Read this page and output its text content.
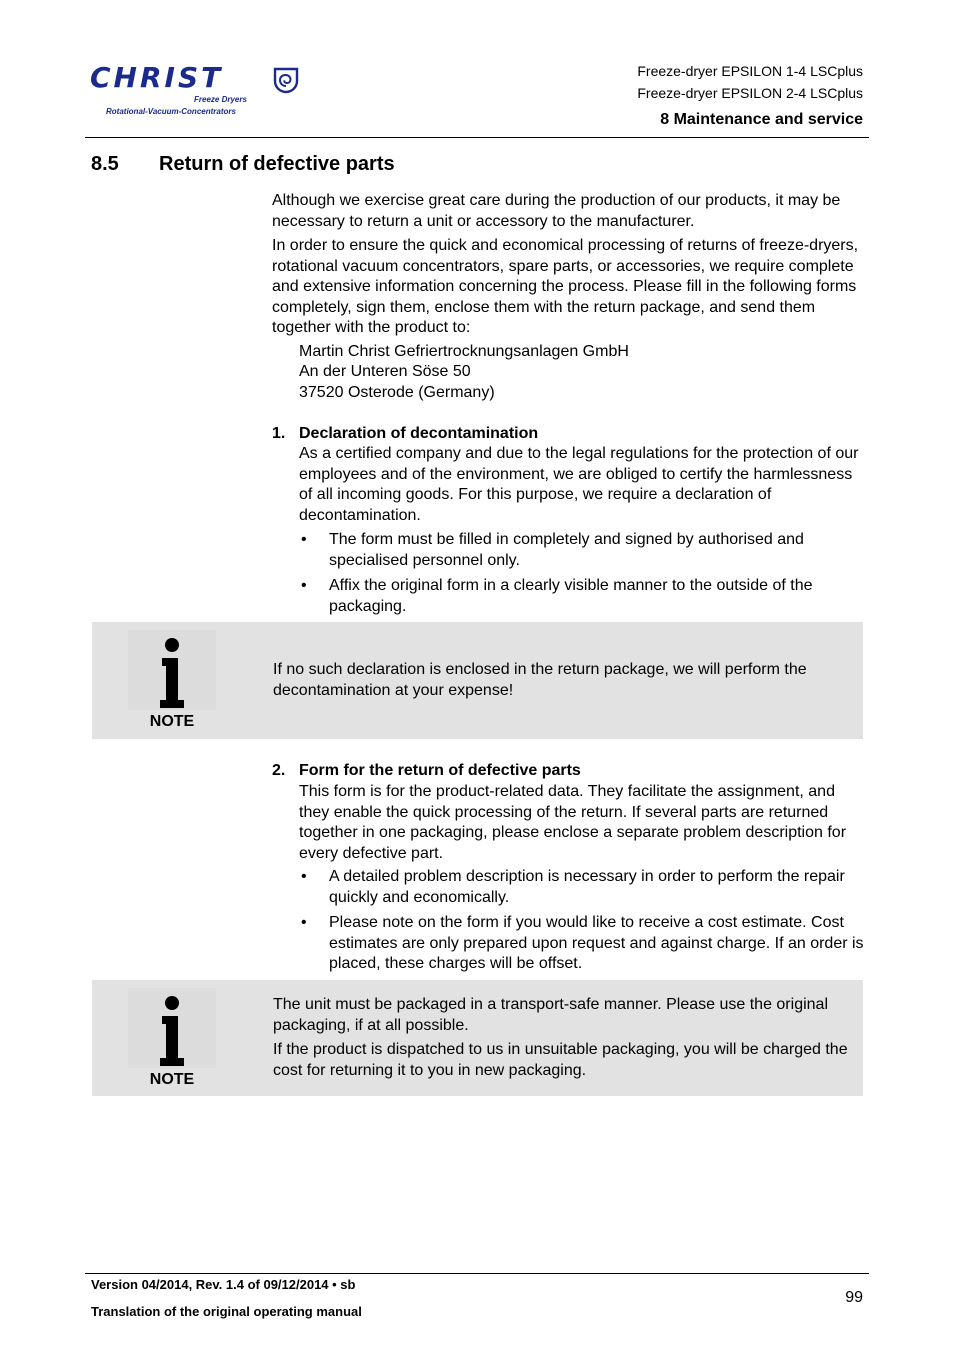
CHRIST
Freeze Dryers
Rotational-Vacuum-Concentrators
Freeze-dryer EPSILON 1-4 LSCplus
Freeze-dryer EPSILON 2-4 LSCplus
8 Maintenance and service
8.5 Return of defective parts
Although we exercise great care during the production of our products, it may be necessary to return a unit or accessory to the manufacturer.
In order to ensure the quick and economical processing of returns of freeze-dryers, rotational vacuum concentrators, spare parts, or accessories, we require complete and extensive information concerning the process. Please fill in the following forms completely, sign them, enclose them with the return package, and send them together with the product to:
Martin Christ Gefriertrocknungsanlagen GmbH
An der Unteren Söse 50
37520 Osterode (Germany)
1. Declaration of decontamination
As a certified company and due to the legal regulations for the protection of our employees and of the environment, we are obliged to certify the harmlessness of all incoming goods. For this purpose, we require a declaration of decontamination.
• The form must be filled in completely and signed by authorised and specialised personnel only.
• Affix the original form in a clearly visible manner to the outside of the packaging.
NOTE
If no such declaration is enclosed in the return package, we will perform the decontamination at your expense!
2. Form for the return of defective parts
This form is for the product-related data. They facilitate the assignment, and they enable the quick processing of the return. If several parts are returned together in one packaging, please enclose a separate problem description for every defective part.
• A detailed problem description is necessary in order to perform the repair quickly and economically.
• Please note on the form if you would like to receive a cost estimate. Cost estimates are only prepared upon request and against charge. If an order is placed, these charges will be offset.
NOTE
The unit must be packaged in a transport-safe manner. Please use the original packaging, if at all possible.
If the product is dispatched to us in unsuitable packaging, you will be charged the cost for returning it to you in new packaging.
Version 04/2014, Rev. 1.4 of 09/12/2014 • sb
Translation of the original operating manual
99
